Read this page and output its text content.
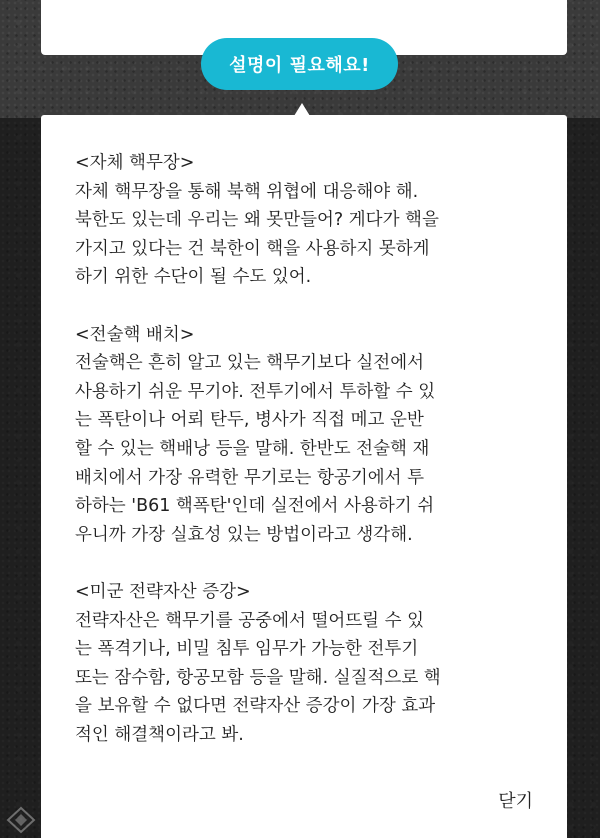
설명이 필요해요!
<자체 핵무장>
자체 핵무장을 통해 북핵 위협에 대응해야 해.
북한도 있는데 우리는 왜 못만들어? 게다가 핵을
가지고 있다는 건 북한이 핵을 사용하지 못하게
하기 위한 수단이 될 수도 있어.
<전술핵 배치>
전술핵은 흔히 알고 있는 핵무기보다 실전에서
사용하기 쉬운 무기야. 전투기에서 투하할 수 있
는 폭탄이나 어뢰 탄두, 병사가 직접 메고 운반
할 수 있는 핵배낭 등을 말해. 한반도 전술핵 재
배치에서 가장 유력한 무기로는 항공기에서 투
하하는 'B61 핵폭탄'인데 실전에서 사용하기 쉬
우니까 가장 실효성 있는 방법이라고 생각해.
<미군 전략자산 증강>
전략자산은 핵무기를 공중에서 떨어뜨릴 수 있
는 폭격기나, 비밀 침투 임무가 가능한 전투기
또는 잠수함, 항공모함 등을 말해. 실질적으로 핵
을 보유할 수 없다면 전략자산 증강이 가장 효과
적인 해결책이라고 봐.
닫기
